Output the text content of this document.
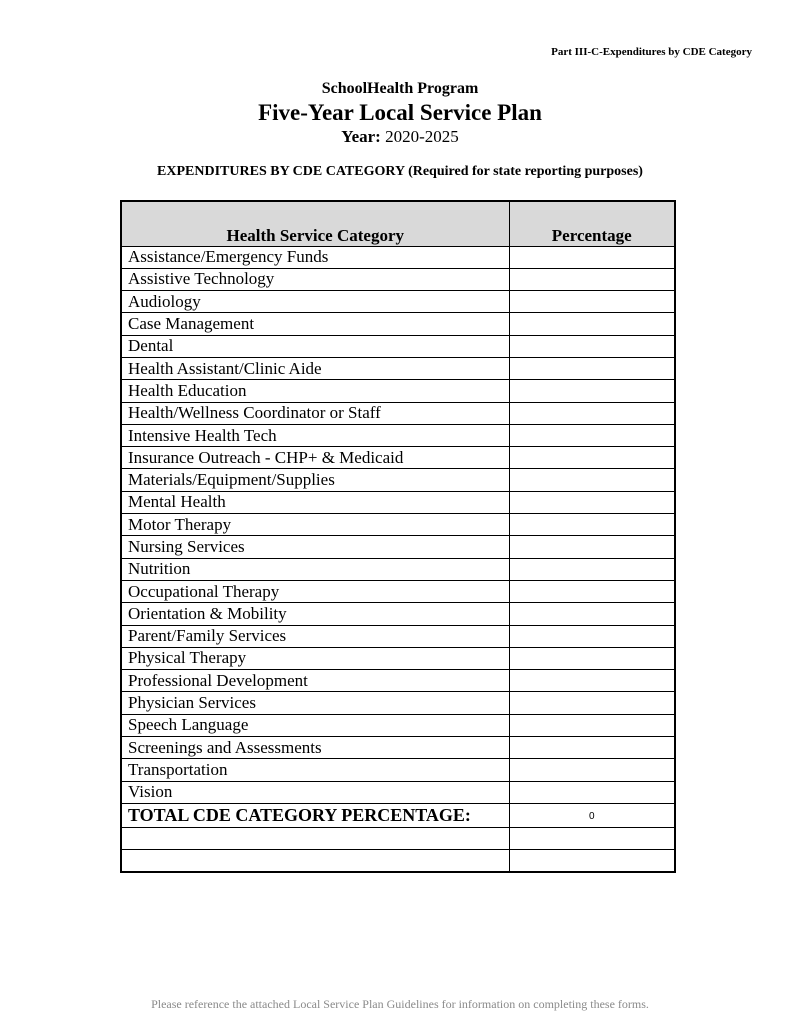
Part III-C-Expenditures by CDE Category
SchoolHealth Program
Five-Year Local Service Plan
Year: 2020-2025
EXPENDITURES BY CDE CATEGORY (Required for state reporting purposes)
Health Service Category	Percentage
Assistance/Emergency Funds	
Assistive Technology	
Audiology	
Case Management	
Dental	
Health Assistant/Clinic Aide	
Health Education	
Health/Wellness Coordinator or Staff	
Intensive Health Tech	
Insurance Outreach - CHP+ & Medicaid	
Materials/Equipment/Supplies	
Mental Health	
Motor Therapy	
Nursing Services	
Nutrition	
Occupational Therapy	
Orientation & Mobility	
Parent/Family Services	
Physical Therapy	
Professional Development	
Physician Services	
Speech Language	
Screenings and Assessments	
Transportation	
Vision	
TOTAL CDE CATEGORY PERCENTAGE:	0

Please reference the attached Local Service Plan Guidelines for information on completing these forms.
